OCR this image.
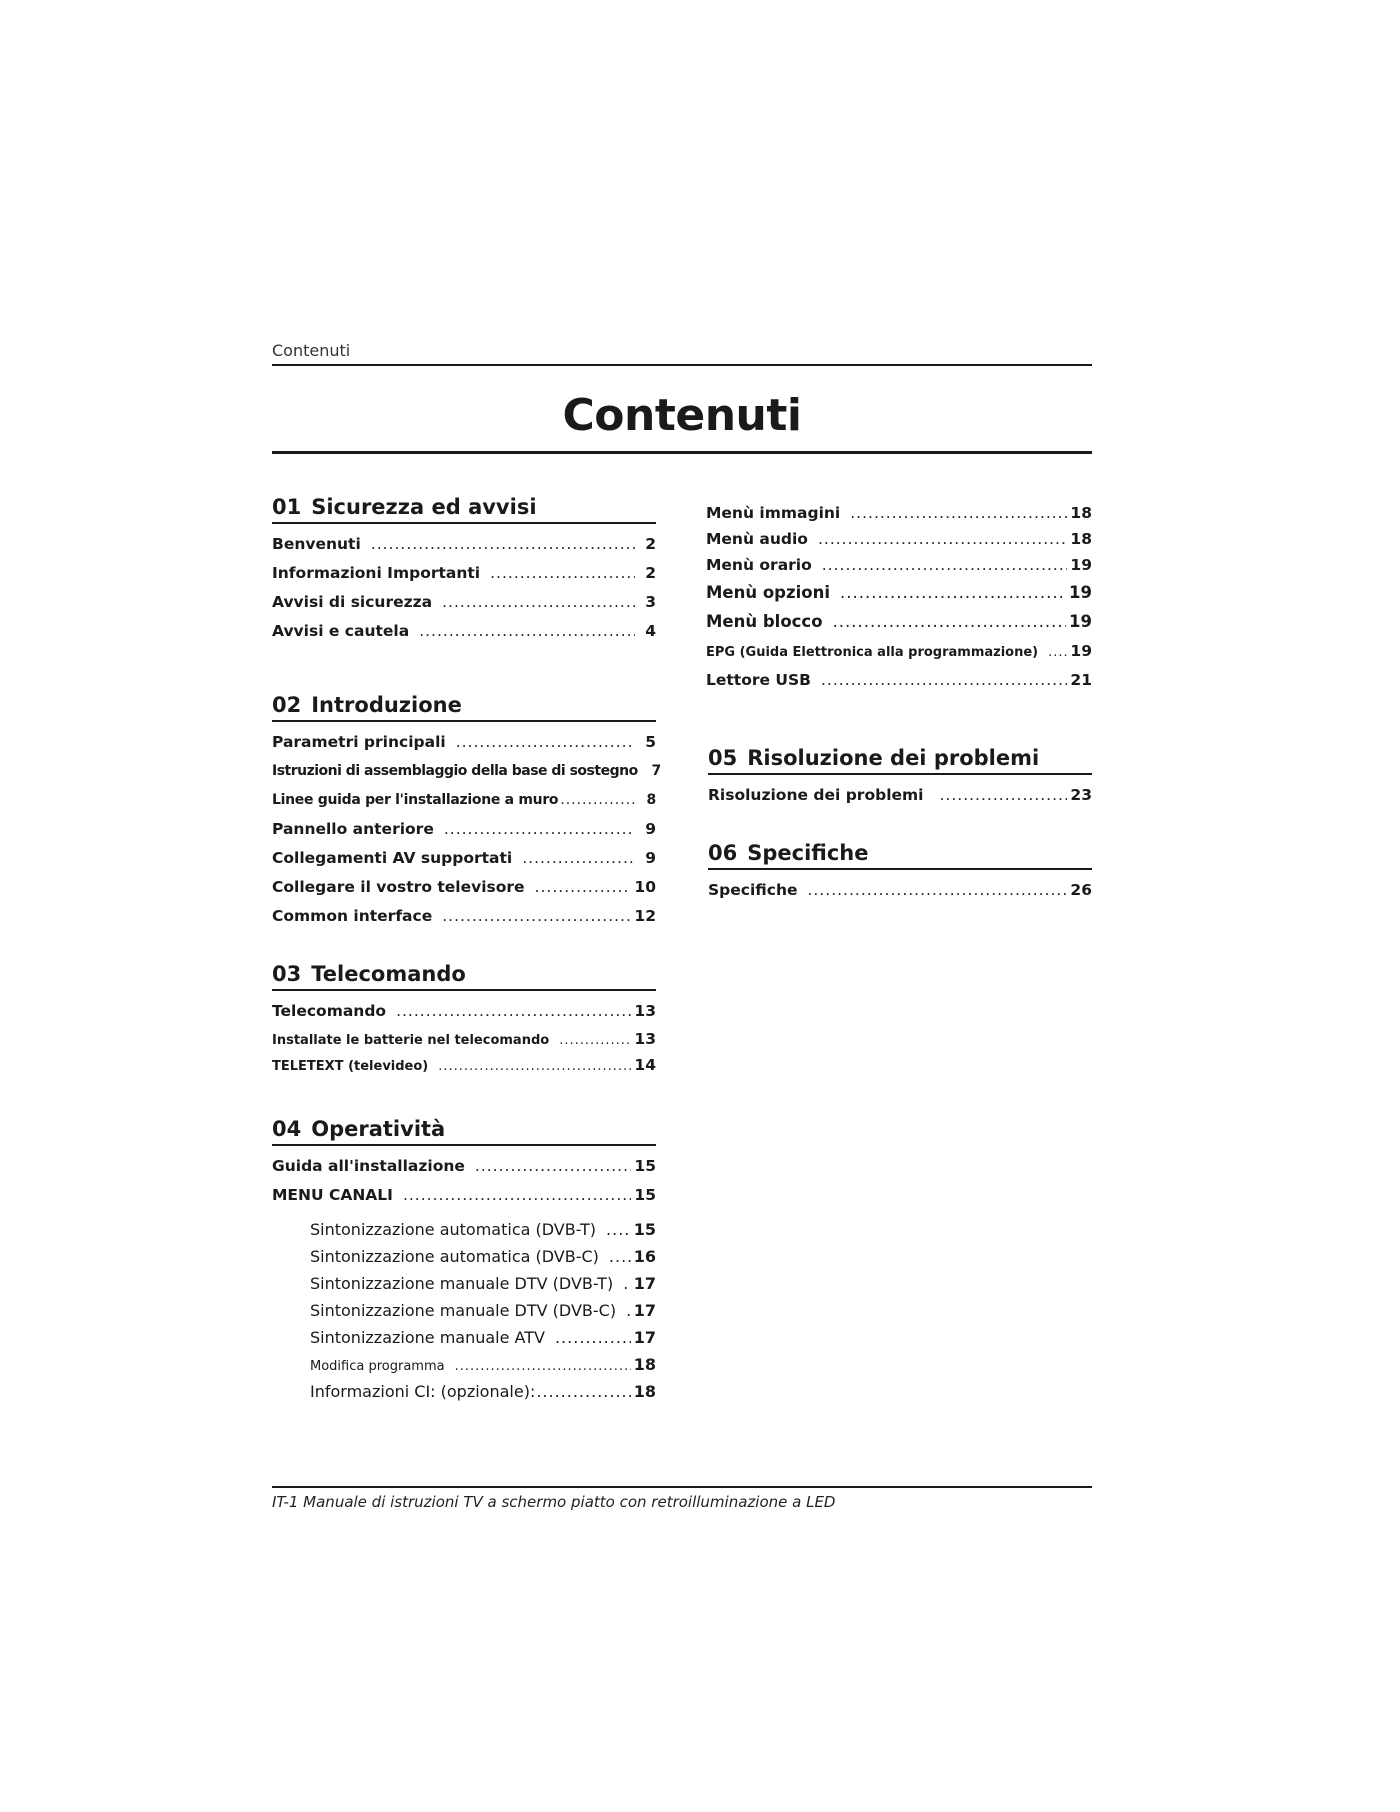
Contenuti
Contenuti
01 Sicurezza ed avvisi
Benvenuti .....	2
Informazioni Importanti .....	2
Avvisi di sicurezza .....	3
Avvisi e cautela .....	4
02 Introduzione
Parametri principali .....	5
Istruzioni di assemblaggio della base di sostegno 7
Linee guida per l'installazione a muro .....	8
Pannello anteriore .....	9
Collegamenti AV supportati .....	9
Collegare il vostro televisore .....	10
Common interface .....	12
03 Telecomando
Telecomando .....	13
Installate le batterie nel telecomando .....	13
TELETEXT (televideo) .....	14
04 Operatività
Guida all'installazione .....	15
MENU CANALI .....	15
Sintonizzazione automatica (DVB-T) ..... 15
Sintonizzazione automatica (DVB-C) ..... 16
Sintonizzazione manuale DTV (DVB-T) ..... 17
Sintonizzazione manuale DTV (DVB-C) ..... 17
Sintonizzazione manuale ATV .....	17
Modifica programma .....	18
Informazioni CI: (opzionale): .....	18
Menù immagini .....	18
Menù audio .....	18
Menù orario .....	19
Menù opzioni .....	19
Menù blocco .....	19
EPG (Guida Elettronica alla programmazione) ..... 19
Lettore USB .....	21
05 Risoluzione dei problemi
Risoluzione dei problemi .....	23
06 Specifiche
Specifiche .....	26
IT-1 Manuale di istruzioni TV a schermo piatto con retroilluminazione a LED
